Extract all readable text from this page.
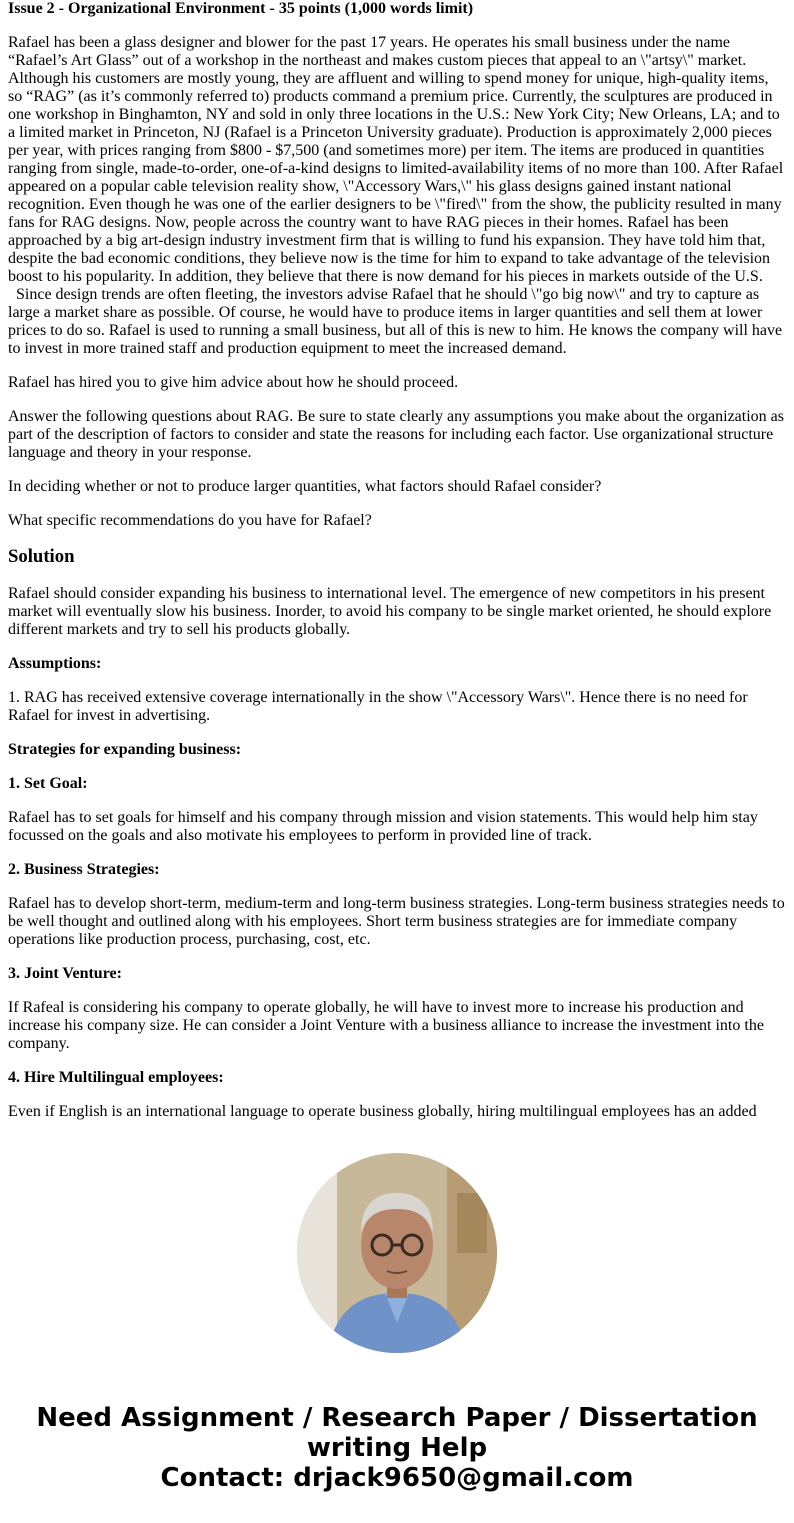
Issue 2 - Organizational Environment - 35 points (1,000 words limit)

Rafael has been a glass designer and blower for the past 17 years. He operates his small business under the name “Rafael’s Art Glass” out of a workshop in the northeast and makes custom pieces that appeal to an \"artsy\" market. Although his customers are mostly young, they are affluent and willing to spend money for unique, high-quality items, so “RAG” (as it’s commonly referred to) products command a premium price. Currently, the sculptures are produced in one workshop in Binghamton, NY and sold in only three locations in the U.S.: New York City; New Orleans, LA; and to a limited market in Princeton, NJ (Rafael is a Princeton University graduate). Production is approximately 2,000 pieces per year, with prices ranging from $800 - $7,500 (and sometimes more) per item. The items are produced in quantities ranging from single, made-to-order, one-of-a-kind designs to limited-availability items of no more than 100. After Rafael appeared on a popular cable television reality show, \"Accessory Wars,\" his glass designs gained instant national recognition. Even though he was one of the earlier designers to be \"fired\" from the show, the publicity resulted in many fans for RAG designs. Now, people across the country want to have RAG pieces in their homes. Rafael has been approached by a big art-design industry investment firm that is willing to fund his expansion. They have told him that, despite the bad economic conditions, they believe now is the time for him to expand to take advantage of the television boost to his popularity. In addition, they believe that there is now demand for his pieces in markets outside of the U.S.
Since design trends are often fleeting, the investors advise Rafael that he should \"go big now\" and try to capture as large a market share as possible. Of course, he would have to produce items in larger quantities and sell them at lower prices to do so. Rafael is used to running a small business, but all of this is new to him. He knows the company will have to invest in more trained staff and production equipment to meet the increased demand.

Rafael has hired you to give him advice about how he should proceed.

Answer the following questions about RAG. Be sure to state clearly any assumptions you make about the organization as part of the description of factors to consider and state the reasons for including each factor. Use organizational structure language and theory in your response.

In deciding whether or not to produce larger quantities, what factors should Rafael consider?

What specific recommendations do you have for Rafael?

Solution

Rafael should consider expanding his business to international level. The emergence of new competitors in his present market will eventually slow his business. Inorder, to avoid his company to be single market oriented, he should explore different markets and try to sell his products globally.

Assumptions:

1. RAG has received extensive coverage internationally in the show \"Accessory Wars\". Hence there is no need for Rafael for invest in advertising.

Strategies for expanding business:

1. Set Goal:

Rafael has to set goals for himself and his company through mission and vision statements. This would help him stay focussed on the goals and also motivate his employees to perform in provided line of track.

2. Business Strategies:

Rafael has to develop short-term, medium-term and long-term business strategies. Long-term business strategies needs to be well thought and outlined along with his employees. Short term business strategies are for immediate company operations like production process, purchasing, cost, etc.

3. Joint Venture:

If Rafeal is considering his company to operate globally, he will have to invest more to increase his production and increase his company size. He can consider a Joint Venture with a business alliance to increase the investment into the company.

4. Hire Multilingual employees:

Even if English is an international language to operate business globally, hiring multilingual employees has an added

Need Assignment / Research Paper / Dissertation
writing Help
Contact: drjack9650@gmail.com
